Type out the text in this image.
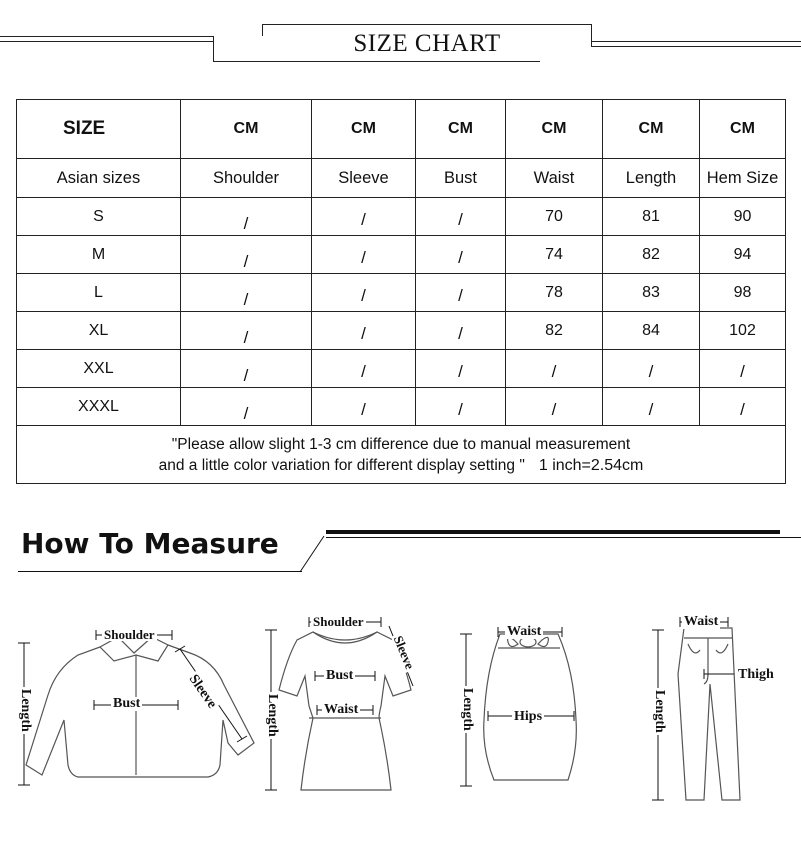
SIZE CHART
SIZE	CM	CM	CM	CM	CM	CM
Asian sizes	Shoulder	Sleeve	Bust	Waist	Length	Hem Size
S	/	/	/	70	81	90
M	/	/	/	74	82	94
L	/	/	/	78	83	98
XL	/	/	/	82	84	102
XXL	/	/	/	/	/	/
XXXL	/	/	/	/	/	/

"Please allow slight 1-3 cm difference due to manual measurement
and a little color variation for different display setting " 1 inch=2.54cm						
How To Measure
Shoulder
Bust	Sleeve
Length
Shoulder
Bust
Waist
Sleeve
Length
Waist
Hips
Length
Waist
Thigh
Length
